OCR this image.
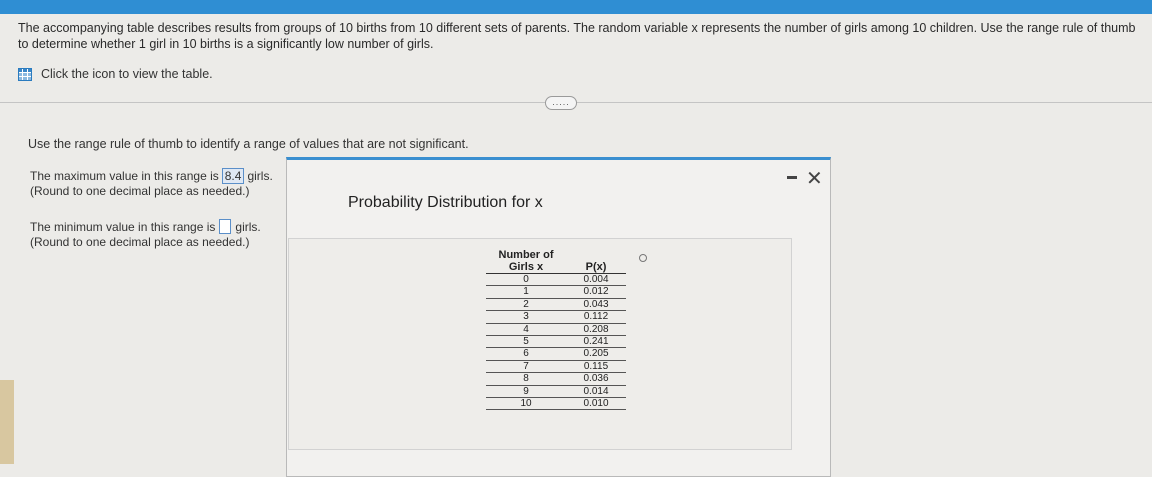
The accompanying table describes results from groups of 10 births from 10 different sets of parents. The random variable x represents the number of girls among 10 children. Use the range rule of thumb to determine whether 1 girl in 10 births is a significantly low number of girls.
Click the icon to view the table.
.....
Use the range rule of thumb to identify a range of values that are not significant.
The maximum value in this range is 8.4 girls.
(Round to one decimal place as needed.)
The minimum value in this range is girls.
(Round to one decimal place as needed.)
Probability Distribution for x
✕
Number of
Girls x	P(x)
0	0.004
1	0.012
2	0.043
3	0.112
4	0.208
5	0.241
6	0.205
7	0.115
8	0.036
9	0.014
10	0.010
